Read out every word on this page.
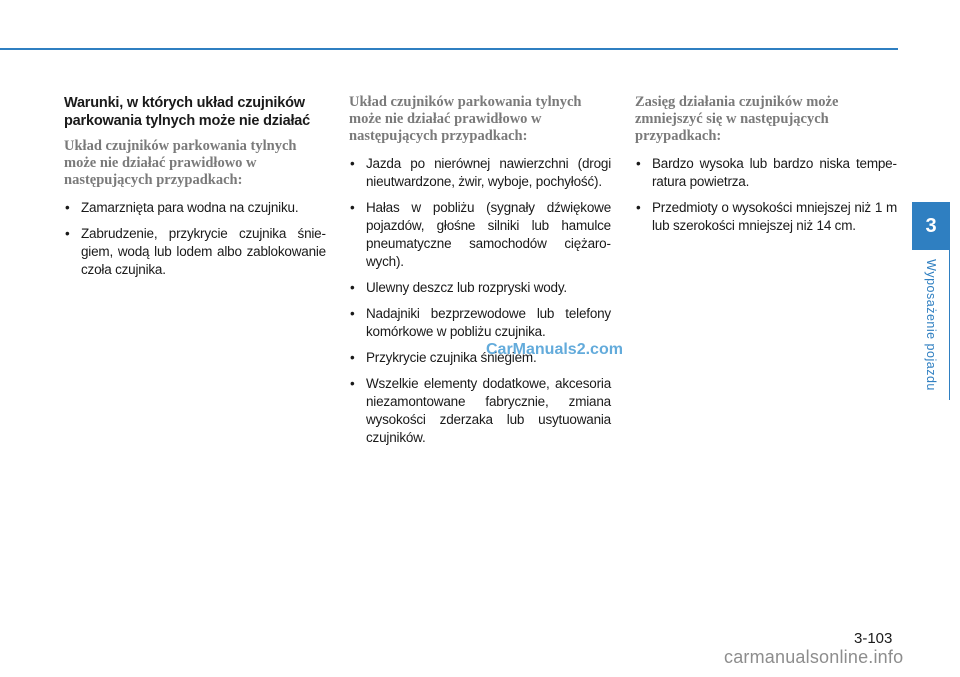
Warunki, w których układ czujników parkowania tylnych może nie działać
Układ czujników parkowania tylnych może nie działać prawidłowo w następujących przypadkach:
• Zamarznięta para wodna na czujniku.
• Zabrudzenie, przykrycie czujnika śniegiem, wodą lub lodem albo zablokowanie czoła czujnika.
Układ czujników parkowania tylnych może nie działać prawidłowo w następujących przypadkach:
• Jazda po nierównej nawierzchni (drogi nieutwardzone, żwir, wyboje, pochyłość).
• Hałas w pobliżu (sygnały dźwiękowe pojazdów, głośne silniki lub hamulce pneumatyczne samochodów ciężarowych).
• Ulewny deszcz lub rozpryski wody.
• Nadajniki bezprzewodowe lub telefony komórkowe w pobliżu czujnika.
• Przykrycie czujnika śniegiem.
• Wszelkie elementy dodatkowe, akcesoria niezamontowane fabrycznie, zmiana wysokości zderzaka lub usytuowania czujników.
Zasięg działania czujników może zmniejszyć się w następujących przypadkach:
• Bardzo wysoka lub bardzo niska temperatura powietrza.
• Przedmioty o wysokości mniejszej niż 1 m lub szerokości mniejszej niż 14 cm.	3
Wyposażenie pojazdu
CarManuals2.com
3-103
carmanualsonline.info
